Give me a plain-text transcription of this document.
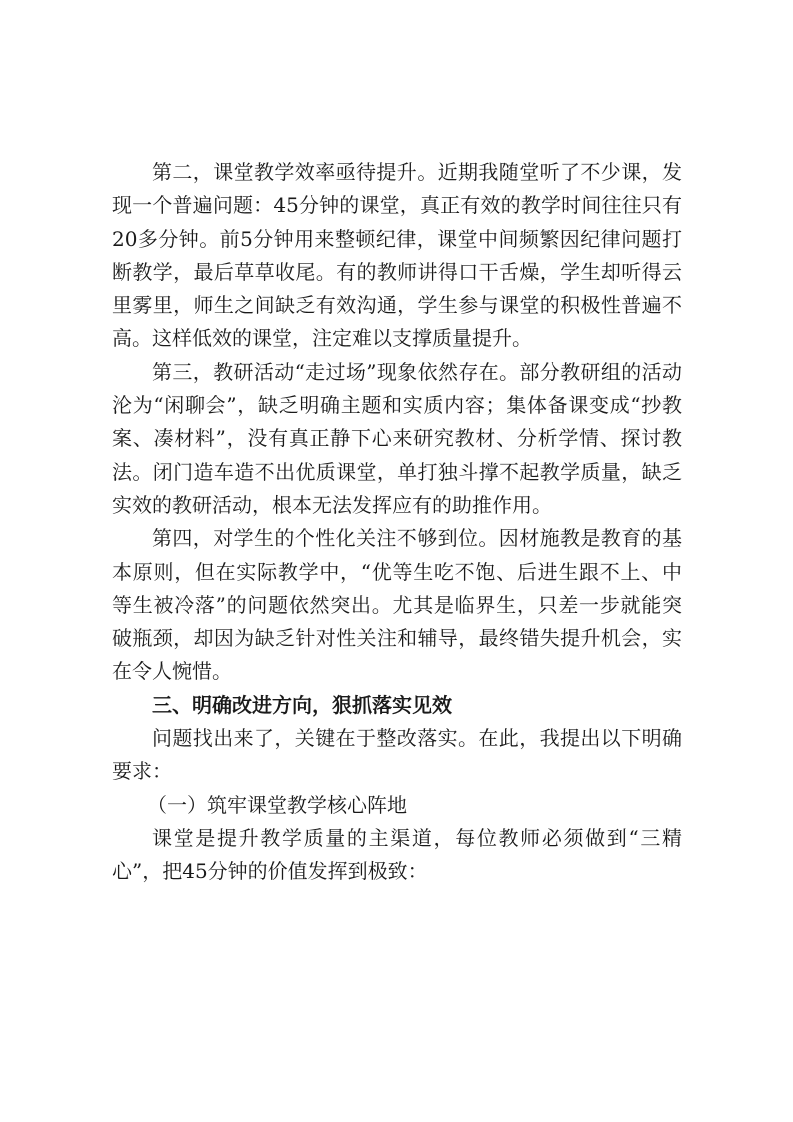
第二，课堂教学效率亟待提升。近期我随堂听了不少课，发现一个普遍问题：45分钟的课堂，真正有效的教学时间往往只有20多分钟。前5分钟用来整顿纪律，课堂中间频繁因纪律问题打断教学，最后草草收尾。有的教师讲得口干舌燥，学生却听得云里雾里，师生之间缺乏有效沟通，学生参与课堂的积极性普遍不高。这样低效的课堂，注定难以支撑质量提升。

第三，教研活动“走过场”现象依然存在。部分教研组的活动沦为“闲聊会”，缺乏明确主题和实质内容；集体备课变成“抄教案、凑材料”，没有真正静下心来研究教材、分析学情、探讨教法。闭门造车造不出优质课堂，单打独斗撑不起教学质量，缺乏实效的教研活动，根本无法发挥应有的助推作用。

第四，对学生的个性化关注不够到位。因材施教是教育的基本原则，但在实际教学中，“优等生吃不饱、后进生跟不上、中等生被冷落”的问题依然突出。尤其是临界生，只差一步就能突破瓶颈，却因为缺乏针对性关注和辅导，最终错失提升机会，实在令人惋惜。

三、明确改进方向，狠抓落实见效

问题找出来了，关键在于整改落实。在此，我提出以下明确要求：

（一）筑牢课堂教学核心阵地

课堂是提升教学质量的主渠道，每位教师必须做到“三精心”，把45分钟的价值发挥到极致：
